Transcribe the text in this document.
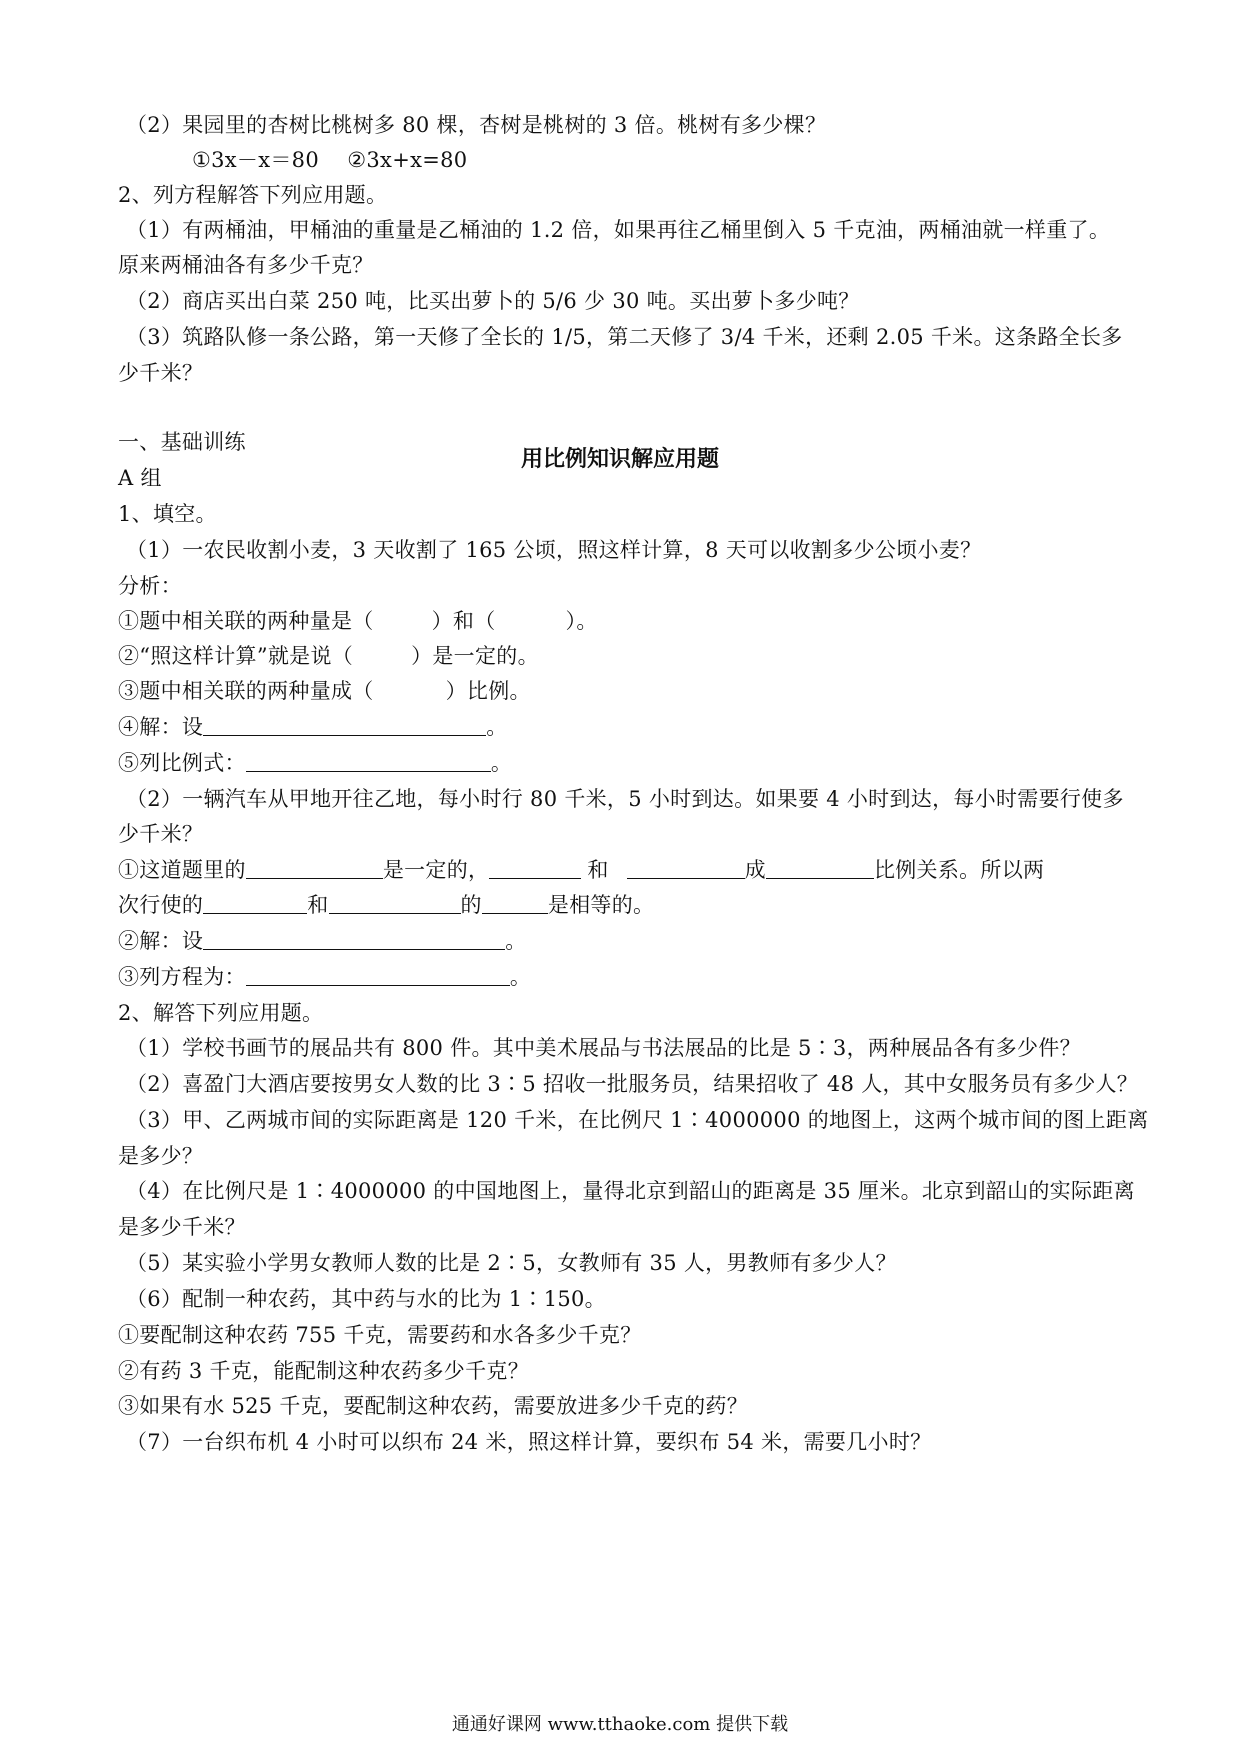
（2）果园里的杏树比桃树多 80 棵，杏树是桃树的 3 倍。桃树有多少棵？
①3x－x＝80　 ②3x+x=80
2、列方程解答下列应用题。
（1）有两桶油，甲桶油的重量是乙桶油的 1.2 倍，如果再往乙桶里倒入 5 千克油，两桶油就一样重了。
原来两桶油各有多少千克？
（2）商店买出白菜 250 吨，比买出萝卜的 5/6 少 30 吨。买出萝卜多少吨？
（3）筑路队修一条公路，第一天修了全长的 1/5，第二天修了 3/4 千米，还剩 2.05 千米。这条路全长多
少千米？
用比例知识解应用题
一、基础训练
A 组
1、填空。
（1）一农民收割小麦，3 天收割了 165 公顷，照这样计算，8 天可以收割多少公顷小麦？
分析：
①题中相关联的两种量是（	）和（	）。
②“照这样计算”就是说（	）是一定的。
③题中相关联的两种量成（	）比例。
④解：设	。
⑤列比例式：	。
（2）一辆汽车从甲地开往乙地，每小时行 80 千米，5 小时到达。如果要 4 小时到达，每小时需要行使多
少千米？
①这道题里的	是一定的，	和	成	比例关系。所以两
次行使的	和	的	是相等的。
②解：设	。
③列方程为：	。
2、解答下列应用题。
（1）学校书画节的展品共有 800 件。其中美术展品与书法展品的比是 5∶3，两种展品各有多少件？
（2）喜盈门大酒店要按男女人数的比 3∶5 招收一批服务员，结果招收了 48 人，其中女服务员有多少人？
（3）甲、乙两城市间的实际距离是 120 千米，在比例尺 1∶4000000 的地图上，这两个城市间的图上距离
是多少？
（4）在比例尺是 1∶4000000 的中国地图上，量得北京到韶山的距离是 35 厘米。北京到韶山的实际距离
是多少千米？
（5）某实验小学男女教师人数的比是 2∶5，女教师有 35 人，男教师有多少人？
（6）配制一种农药，其中药与水的比为 1∶150。
①要配制这种农药 755 千克，需要药和水各多少千克？
②有药 3 千克，能配制这种农药多少千克？
③如果有水 525 千克，要配制这种农药，需要放进多少千克的药？
（7）一台织布机 4 小时可以织布 24 米，照这样计算，要织布 54 米，需要几小时？
通通好课网 www.tthaoke.com 提供下载
